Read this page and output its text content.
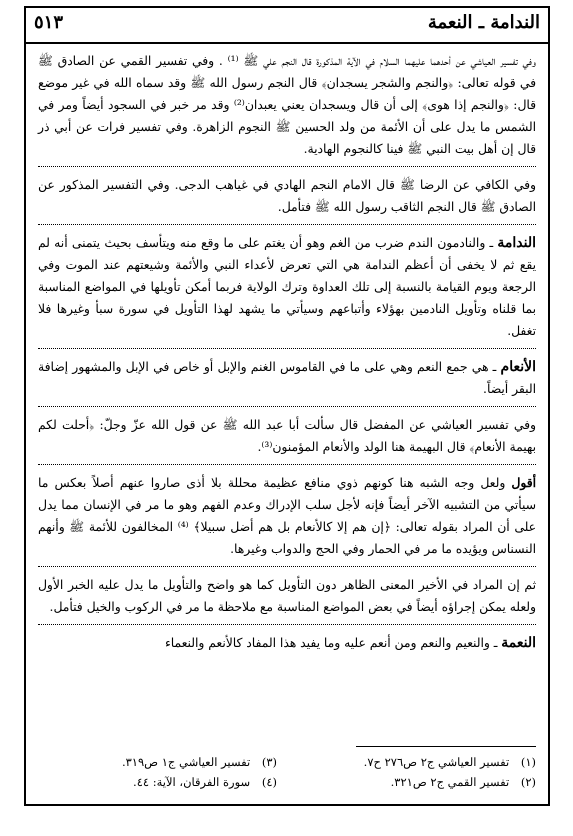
الندامة ـ النعمة
٥١٣

وفي تفسير العياشي عن أحدهما عليهما السلام في الآية المذكورة قال النجم علي ﷺ ⁽¹⁾ . وفي تفسير القمي عن الصادق ﷺ في قوله تعالى: ﴿والنجم والشجر يسجدان﴾ قال النجم رسول الله ﷺ وقد سماه الله في غير موضع قال: ﴿والنجم إذا هوى﴾ إلى أن قال ويسجدان يعني يعبدان⁽²⁾ وقد مر خبر في السجود أيضاً ومر في الشمس ما يدل على أن الأئمة من ولد الحسين ﷺ النجوم الزاهرة. وفي تفسير فرات عن أبي ذر قال إن أهل بيت النبي ﷺ فينا كالنجوم الهادية.

وفي الكافي عن الرضا ﷺ قال الامام النجم الهادي في غياهب الدجى. وفي التفسير المذكور عن الصادق ﷺ قال النجم الثاقب رسول الله ﷺ فتأمل.

الندامة ـ والنادمون الندم ضرب من الغم وهو أن يغتم على ما وقع منه ويتأسف بحيث يتمنى أنه لم يقع ثم لا يخفى أن أعظم الندامة هي التي تعرض لأعداء النبي والأئمة وشيعتهم عند الموت وفي الرجعة ويوم القيامة بالنسبة إلى تلك العداوة وترك الولاية فربما أمكن تأويلها في المواضع المناسبة بما قلناه وتأويل النادمين بهؤلاء وأتباعهم وسيأتي ما يشهد لهذا التأويل في سورة سبأ وغيرها فلا تغفل.

الأنعام ـ هي جمع النعم وهي على ما في القاموس الغنم والإبل أو خاص في الإبل والمشهور إضافة البقر أيضاً.

وفي تفسير العياشي عن المفضل قال سألت أبا عبد الله ﷺ عن قول الله عزّ وجلّ: ﴿أحلت لكم بهيمة الأنعام﴾ قال البهيمة هنا الولد والأنعام المؤمنون⁽³⁾.

أقول ولعل وجه الشبه هنا كونهم ذوي منافع عظيمة محللة بلا أذى صاروا عنهم أصلاً بعكس ما سيأتي من التشبيه الآخر أيضاً فإنه لأجل سلب الإدراك وعدم الفهم وهو ما مر في الإنسان مما يدل على أن المراد بقوله تعالى: ﴿إن هم إلا كالأنعام بل هم أضل سبيلا﴾ ⁽⁴⁾ المخالفون للأئمة ﷺ وأنهم النسناس ويؤيده ما مر في الحمار وفي الحج والدواب وغيرها.

ثم إن المراد في الأخير المعنى الظاهر دون التأويل كما هو واضح والتأويل ما يدل عليه الخبر الأول ولعله يمكن إجراؤه أيضاً في بعض المواضع المناسبة مع ملاحظة ما مر في الركوب والخيل فتأمل.

النعمة ـ والنعيم والنعم ومن أنعم عليه وما يفيد هذا المفاد كالأنعم والنعماء

(١) تفسير العياشي ج٢ ص٢٧٦ ح٧.
(٣) تفسير العياشي ج١ ص٣١٩.
(٢) تفسير القمي ج٢ ص٣٢١.
(٤) سورة الفرقان، الآية: ٤٤.
